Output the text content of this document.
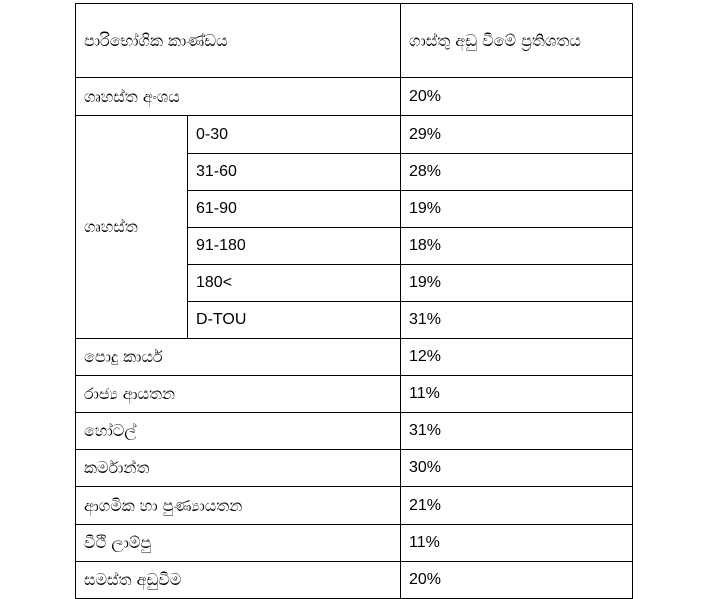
පාරිභෝගික කාණ්ඩය		ගාස්තු අඩු වීමේ ප්‍රතිශතය
ගෘහස්ත අංශය		20%
ගෘහස්ත	0-30	29%
	31-60	28%
	61-90	19%
	91-180	18%
	180<	19%
	D-TOU	31%
පොදු කාර්ය		12%
රාජ්‍ය ආයතන		11%
හෝටල්		31%
කර්මාන්ත		30%
ආගමික හා පුණ්‍යායතන		21%
වීථි ලාම්පු		11%
සමස්ත අඩුවීම		20%
